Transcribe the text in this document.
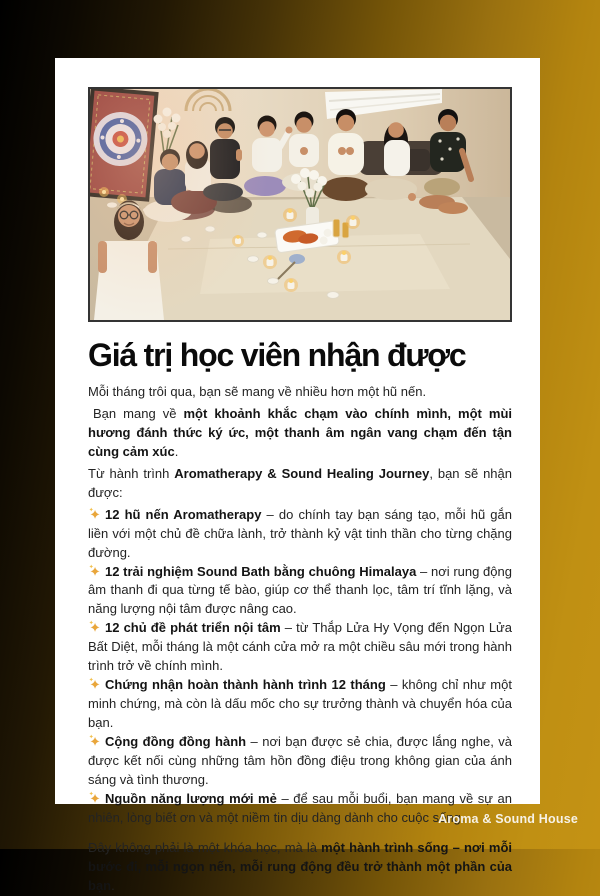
Giá trị học viên nhận được

Mỗi tháng trôi qua, bạn sẽ mang về nhiều hơn một hũ nến.

Bạn mang về một khoảnh khắc chạm vào chính mình, một mùi hương đánh thức ký ức, một thanh âm ngân vang chạm đến tận cùng cảm xúc.

Từ hành trình Aromatherapy & Sound Healing Journey, bạn sẽ nhận được:

12 hũ nến Aromatherapy – do chính tay bạn sáng tạo, mỗi hũ gắn liền với một chủ đề chữa lành, trở thành kỷ vật tinh thần cho từng chặng đường.

12 trải nghiệm Sound Bath bằng chuông Himalaya – nơi rung động âm thanh đi qua từng tế bào, giúp cơ thể thanh lọc, tâm trí tĩnh lặng, và năng lượng nội tâm được nâng cao.

12 chủ đề phát triển nội tâm – từ Thắp Lửa Hy Vọng đến Ngọn Lửa Bất Diệt, mỗi tháng là một cánh cửa mở ra một chiều sâu mới trong hành trình trở về chính mình.

Chứng nhận hoàn thành hành trình 12 tháng – không chỉ như một minh chứng, mà còn là dấu mốc cho sự trưởng thành và chuyển hóa của bạn.

Cộng đồng đồng hành – nơi bạn được sẻ chia, được lắng nghe, và được kết nối cùng những tâm hồn đồng điệu trong không gian của ánh sáng và tình thương.

Nguồn năng lượng mới mẻ – để sau mỗi buổi, bạn mang về sự an nhiên, lòng biết ơn và một niềm tin dịu dàng dành cho cuộc sống.

Đây không phải là một khóa học, mà là một hành trình sống – nơi mỗi bước đi, mỗi ngọn nến, mỗi rung động đều trở thành một phần của bạn.

Aroma & Sound House
